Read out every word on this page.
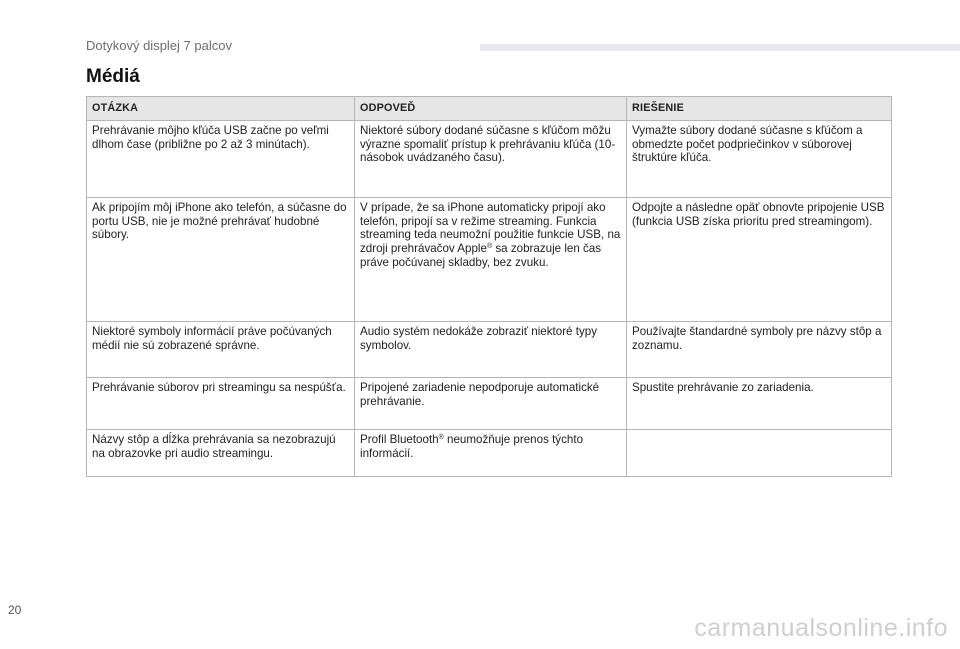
Dotykový displej 7 palcov
Médiá
OTÁZKA	ODPOVEĎ	RIEŠENIE
Prehrávanie môjho kľúča USB začne po veľmi dlhom čase (približne po 2 až 3 minútach).	Niektoré súbory dodané súčasne s kľúčom môžu výrazne spomaliť prístup k prehrávaniu kľúča (10-násobok uvádzaného času).	Vymažte súbory dodané súčasne s kľúčom a obmedzte počet podpriečinkov v súborovej štruktúre kľúča.
Ak pripojím môj iPhone ako telefón, a súčasne do portu USB, nie je možné prehrávať hudobné súbory.	V prípade, že sa iPhone automaticky pripojí ako telefón, pripojí sa v režime streaming. Funkcia streaming teda neumožní použitie funkcie USB, na zdroji prehrávačov Apple® sa zobrazuje len čas práve počúvanej skladby, bez zvuku.	Odpojte a následne opäť obnovte pripojenie USB (funkcia USB získa prioritu pred streamingom).
Niektoré symboly informácií práve počúvaných médií nie sú zobrazené správne.	Audio systém nedokáže zobraziť niektoré typy symbolov.	Používajte štandardné symboly pre názvy stôp a zoznamu.
Prehrávanie súborov pri streamingu sa nespúšťa.	Pripojené zariadenie nepodporuje automatické prehrávanie.	Spustite prehrávanie zo zariadenia.
Názvy stôp a dĺžka prehrávania sa nezobrazujú na obrazovke pri audio streamingu.	Profil Bluetooth® neumožňuje prenos týchto informácií.	
20
carmanualsonline.info
